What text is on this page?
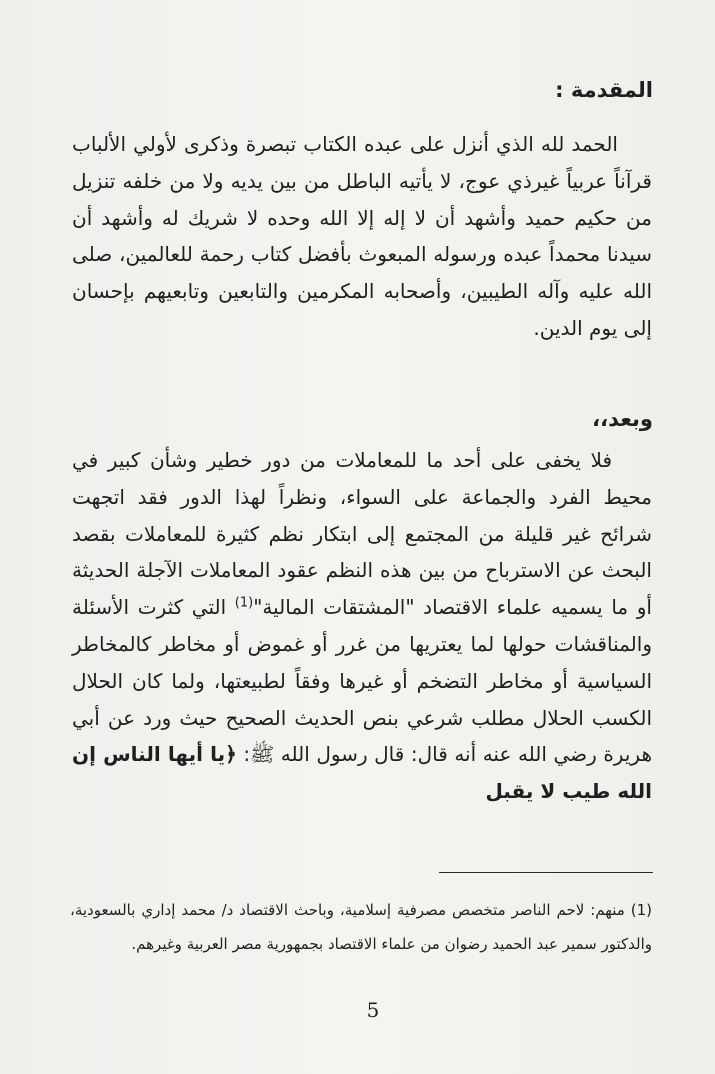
المقدمة :

الحمد لله الذي أنزل على عبده الكتاب تبصرة وذكرى لأولي الألباب قرآناً عربياً غيرذي عوج، لا يأتيه الباطل من بين يديه ولا من خلفه تنزيل من حكيم حميد وأشهد أن لا إله إلا الله وحده لا شريك له وأشهد أن سيدنا محمداً عبده ورسوله المبعوث بأفضل كتاب رحمة للعالمين، صلى الله عليه وآله الطيبين، وأصحابه المكرمين والتابعين وتابعيهم بإحسان إلى يوم الدين.

وبعد،،

فلا يخفى على أحد ما للمعاملات من دور خطير وشأن كبير في محيط الفرد والجماعة على السواء، ونظراً لهذا الدور فقد اتجهت شرائح غير قليلة من المجتمع إلى ابتكار نظم كثيرة للمعاملات بقصد البحث عن الاسترباح من بين هذه النظم عقود المعاملات الآجلة الحديثة أو ما يسميه علماء الاقتصاد "المشتقات المالية"$^{(1)}$ التي كثرت الأسئلة والمناقشات حولها لما يعتريها من غرر أو غموض أو مخاطر كالمخاطر السياسية أو مخاطر التضخم أو غيرها وفقاً لطبيعتها، ولما كان الحلال الكسب الحلال مطلب شرعي بنص الحديث الصحيح حيث ورد عن أبي هريرة رضي الله عنه أنه قال: قال رسول الله ﷺ: ﴿يا أيها الناس إن الله طيب لا يقبل

(1) منهم: لاحم الناصر متخصص مصرفية إسلامية، وباحث الاقتصاد د/ محمد إداري بالسعودية، والدكتور سمير عبد الحميد رضوان من علماء الاقتصاد بجمهورية مصر العربية وغيرهم.
5
